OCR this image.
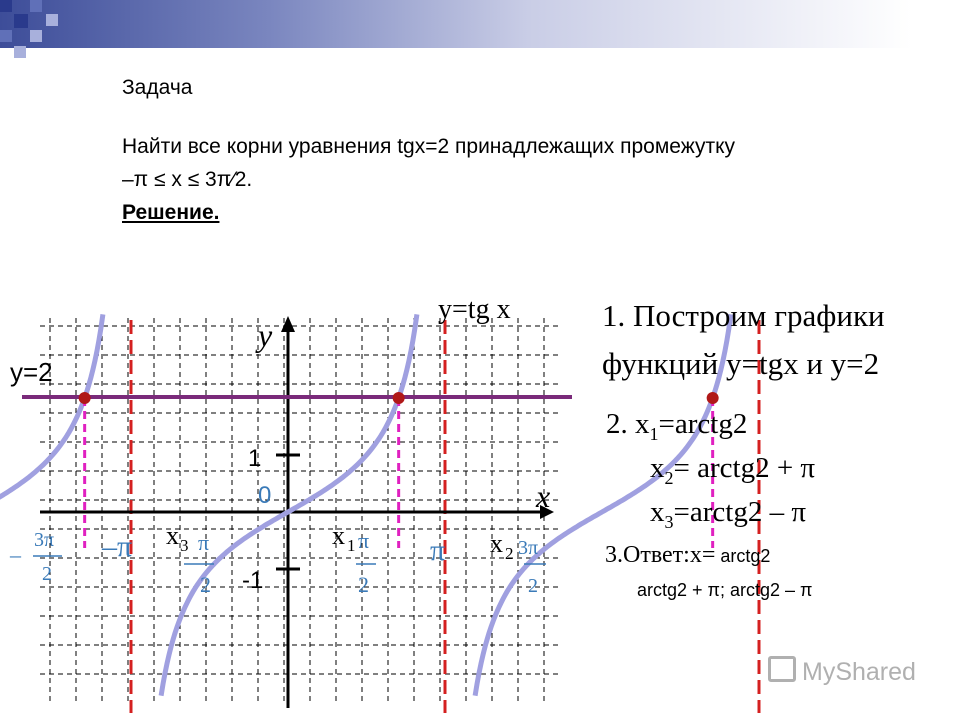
Задача
Найти все корни уравнения tgx=2 принадлежащих промежутку
–π ≤ x ≤ 3π⁄2.
Решение.
y=tg x
y=2
y
x
1
-1
0
x 3	x 1	x 2
–π	π
–
3π
2
π
2
π
2
3π
2
1. Построим графики функций y=tgx и y=2
2. $x_1=arctg2$
$x_2=$ arctg2 + π
$x_3=arctg2 - \pi$
3.Ответ:x= arctg2
arctg2 + π; arctg2 – π
MyShared
